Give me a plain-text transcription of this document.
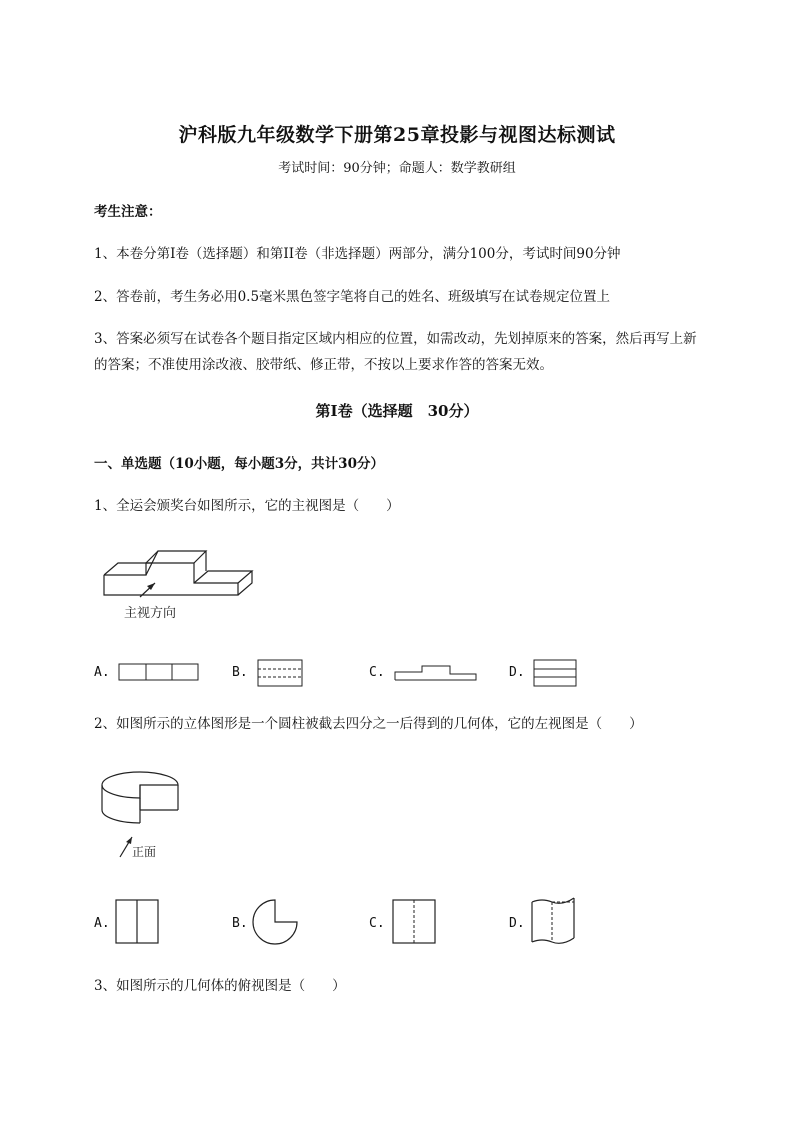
沪科版九年级数学下册第25章投影与视图达标测试
考试时间：90分钟；命题人：数学教研组
考生注意：
1、本卷分第I卷（选择题）和第II卷（非选择题）两部分，满分100分，考试时间90分钟
2、答卷前，考生务必用0.5毫米黑色签字笔将自己的姓名、班级填写在试卷规定位置上
3、答案必须写在试卷各个题目指定区域内相应的位置，如需改动，先划掉原来的答案，然后再写上新
的答案；不准使用涂改液、胶带纸、修正带，不按以上要求作答的答案无效。
第I卷（选择题　30分）
一、单选题（10小题，每小题3分，共计30分）
1、全运会颁奖台如图所示，它的主视图是（　　）
主视方向
A.	B.	C.	D.
2、如图所示的立体图形是一个圆柱被截去四分之一后得到的几何体，它的左视图是（　　）
正面
A.	B.	C.	D.
3、如图所示的几何体的俯视图是（　　）
